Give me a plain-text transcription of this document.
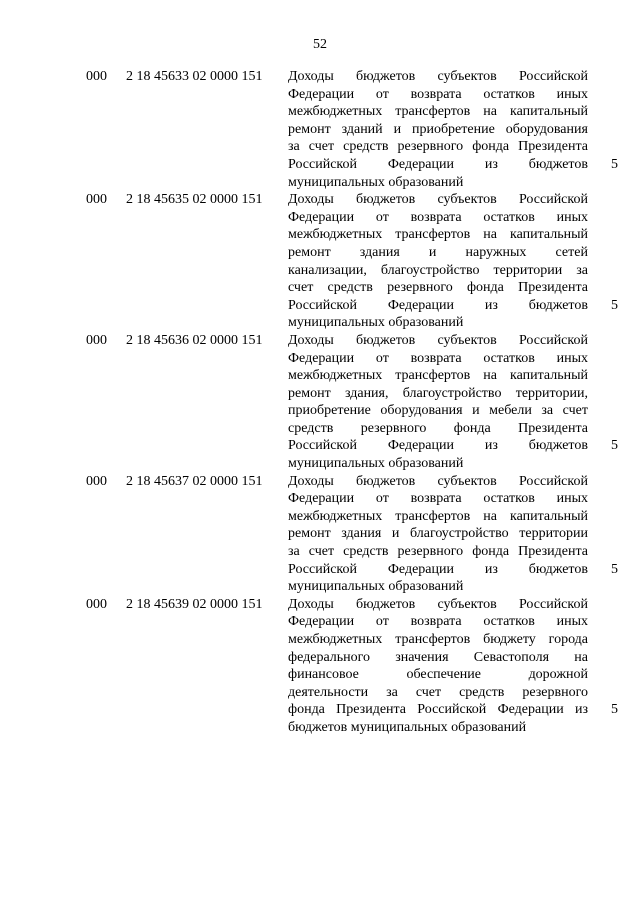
52
000	2 18 45633 02 0000 151	Доходы бюджетов субъектов Российской
Федерации от возврата остатков иных
межбюджетных трансфертов на капитальный
ремонт зданий и приобретение оборудования
за счет средств резервного фонда Президента
Российской Федерации из бюджетов
муниципальных образований
5
000	2 18 45635 02 0000 151	Доходы бюджетов субъектов Российской
Федерации от возврата остатков иных
межбюджетных трансфертов на капитальный
ремонт здания и наружных сетей
канализации, благоустройство территории за
счет средств резервного фонда Президента
Российской Федерации из бюджетов
муниципальных образований
5
000	2 18 45636 02 0000 151	Доходы бюджетов субъектов Российской
Федерации от возврата остатков иных
межбюджетных трансфертов на капитальный
ремонт здания, благоустройство территории,
приобретение оборудования и мебели за счет
средств резервного фонда Президента
Российской Федерации из бюджетов
муниципальных образований
5
000	2 18 45637 02 0000 151	Доходы бюджетов субъектов Российской
Федерации от возврата остатков иных
межбюджетных трансфертов на капитальный
ремонт здания и благоустройство территории
за счет средств резервного фонда Президента
Российской Федерации из бюджетов
муниципальных образований
5
000	2 18 45639 02 0000 151	Доходы бюджетов субъектов Российской
Федерации от возврата остатков иных
межбюджетных трансфертов бюджету города
федерального значения Севастополя на
финансовое	обеспечение	дорожной
деятельности за счет средств резервного
фонда Президента Российской Федерации из
бюджетов муниципальных образований
5
